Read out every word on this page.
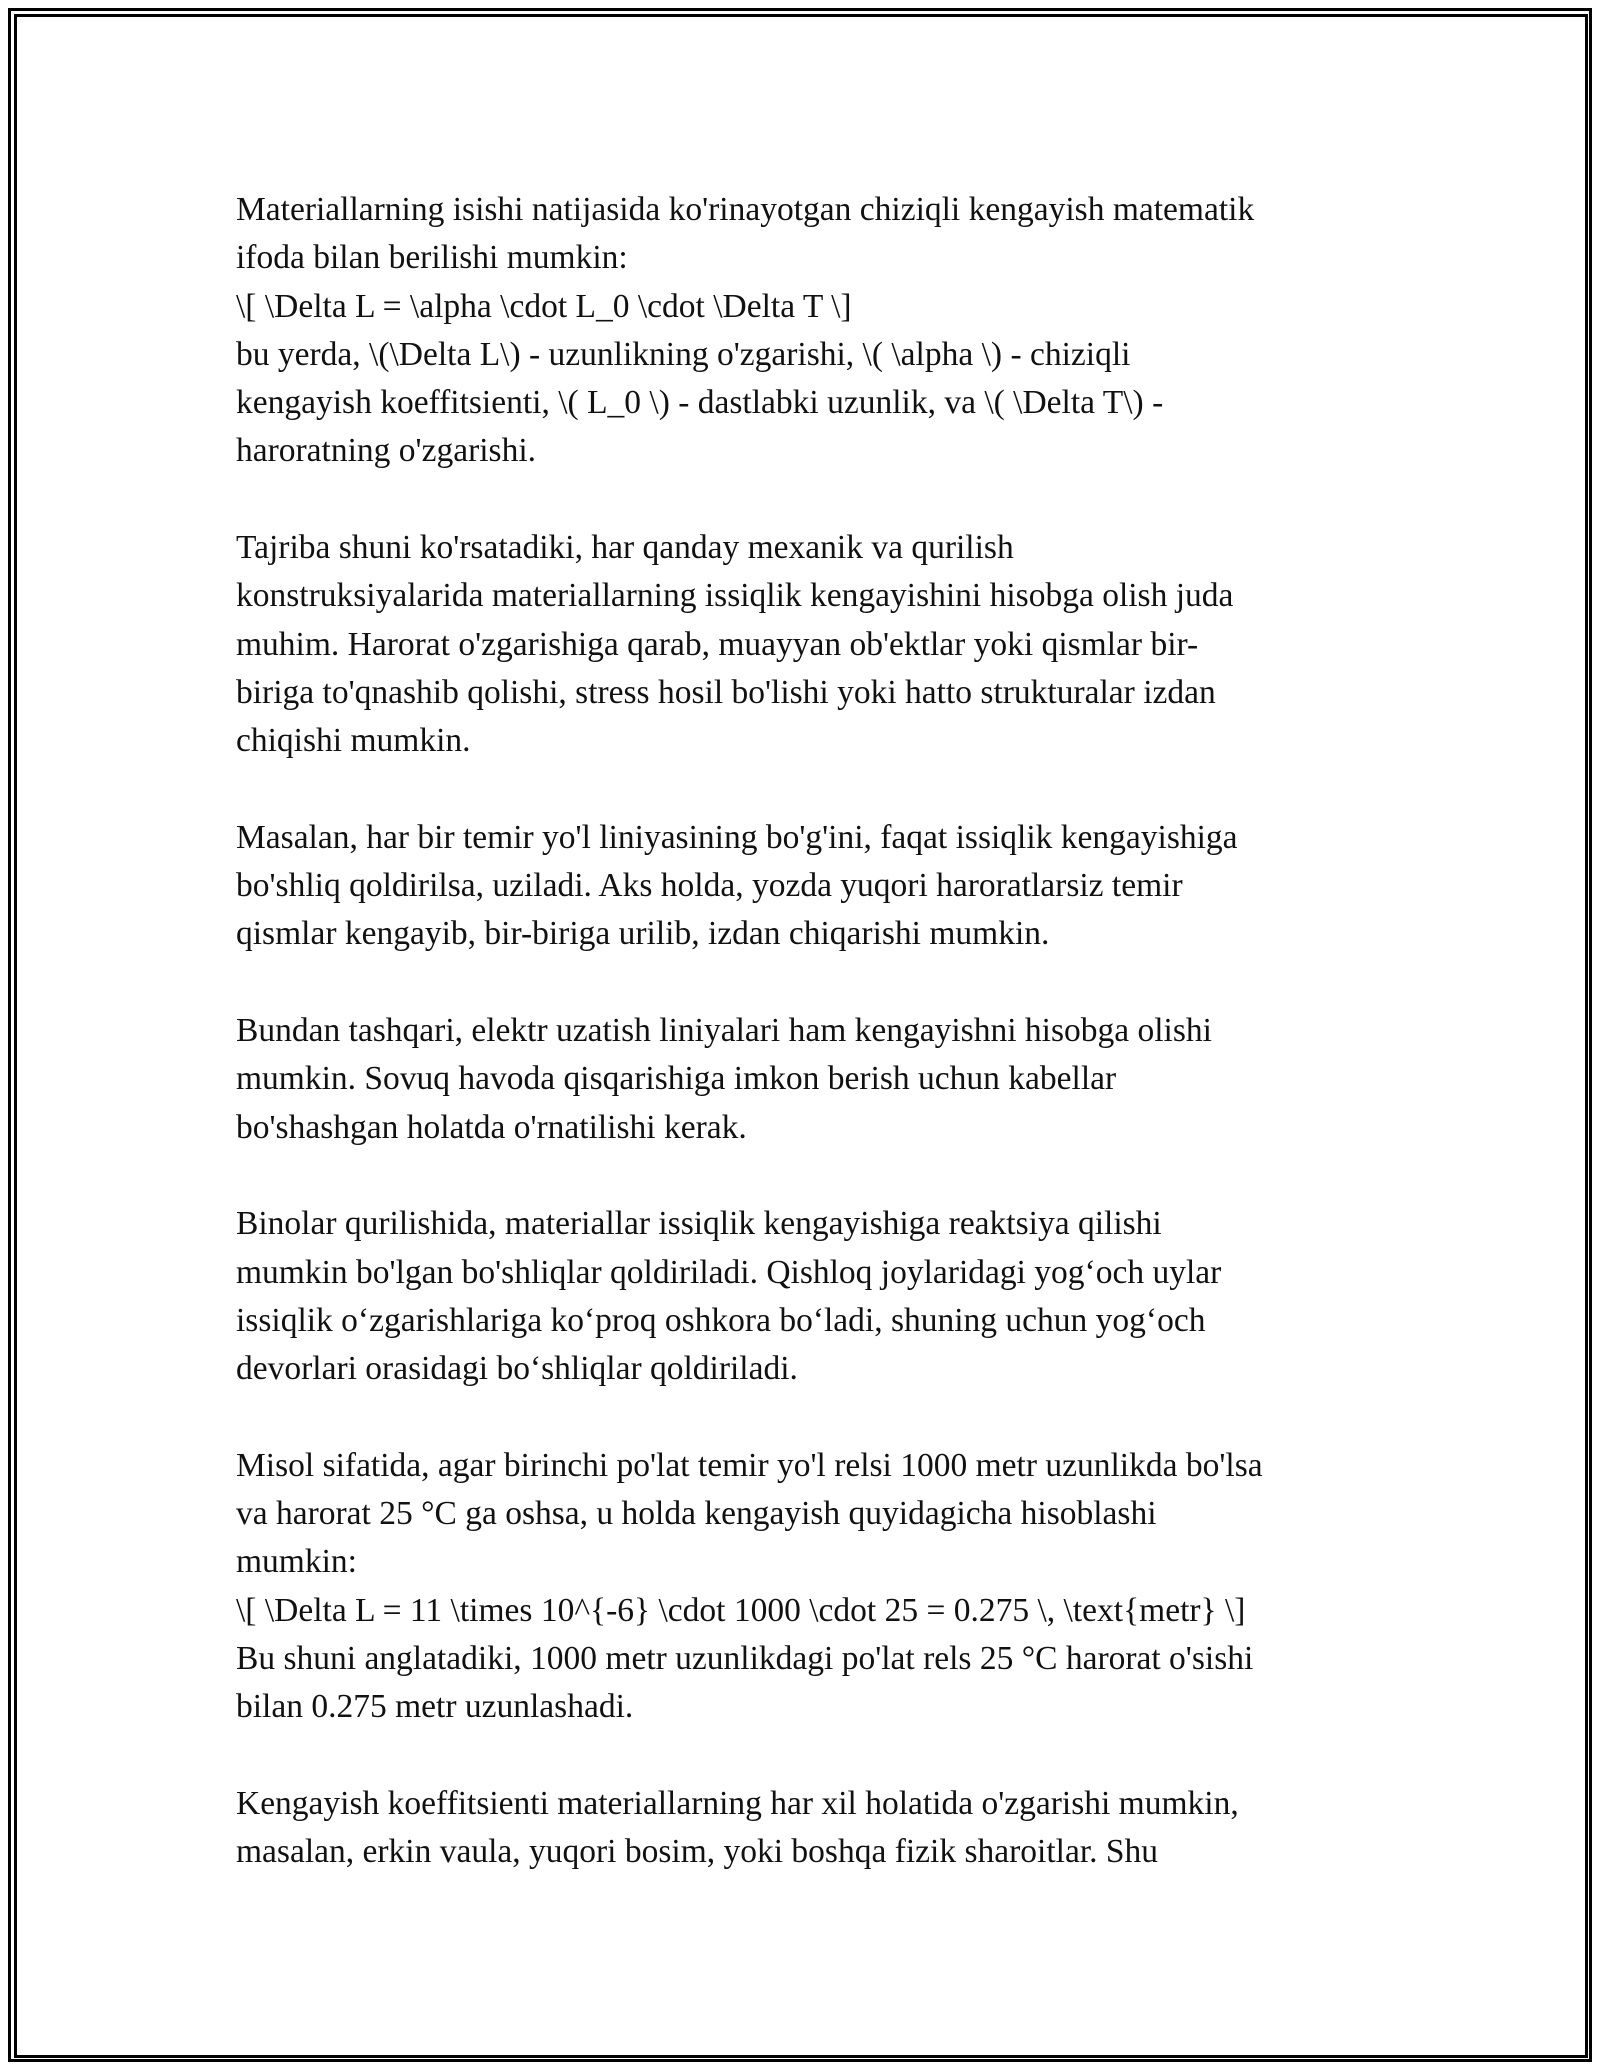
Materiallarning isishi natijasida ko'rinayotgan chiziqli kengayish matematik
ifoda bilan berilishi mumkin:
\[ \Delta L = \alpha \cdot L_0 \cdot \Delta T \]
bu yerda, \(\Delta L\) - uzunlikning o'zgarishi, \( \alpha \) - chiziqli
kengayish koeffitsienti, \( L_0 \) - dastlabki uzunlik, va \( \Delta T\) -
haroratning o'zgarishi.

Tajriba shuni ko'rsatadiki, har qanday mexanik va qurilish
konstruksiyalarida materiallarning issiqlik kengayishini hisobga olish juda
muhim. Harorat o'zgarishiga qarab, muayyan ob'ektlar yoki qismlar bir-
biriga to'qnashib qolishi, stress hosil bo'lishi yoki hatto strukturalar izdan
chiqishi mumkin.

Masalan, har bir temir yo'l liniyasining bo'g'ini, faqat issiqlik kengayishiga
bo'shliq qoldirilsa, uziladi. Aks holda, yozda yuqori haroratlarsiz temir
qismlar kengayib, bir-biriga urilib, izdan chiqarishi mumkin.

Bundan tashqari, elektr uzatish liniyalari ham kengayishni hisobga olishi
mumkin. Sovuq havoda qisqarishiga imkon berish uchun kabellar
bo'shashgan holatda o'rnatilishi kerak.

Binolar qurilishida, materiallar issiqlik kengayishiga reaktsiya qilishi
mumkin bo'lgan bo'shliqlar qoldiriladi. Qishloq joylaridagi yog‘och uylar
issiqlik o‘zgarishlariga ko‘proq oshkora bo‘ladi, shuning uchun yog‘och
devorlari orasidagi bo‘shliqlar qoldiriladi.

Misol sifatida, agar birinchi po'lat temir yo'l relsi 1000 metr uzunlikda bo'lsa
va harorat 25 °C ga oshsa, u holda kengayish quyidagicha hisoblashi
mumkin:
\[ \Delta L = 11 \times 10^{-6} \cdot 1000 \cdot 25 = 0.275 \, \text{metr} \]
Bu shuni anglatadiki, 1000 metr uzunlikdagi po'lat rels 25 °C harorat o'sishi
bilan 0.275 metr uzunlashadi.

Kengayish koeffitsienti materiallarning har xil holatida o'zgarishi mumkin,
masalan, erkin vaula, yuqori bosim, yoki boshqa fizik sharoitlar. Shu
